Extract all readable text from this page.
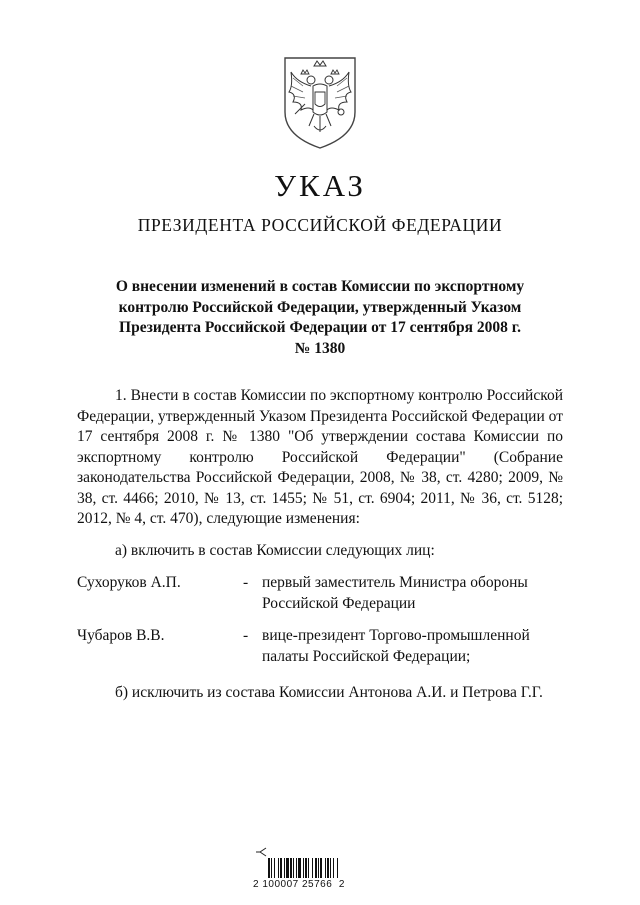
УКАЗ
ПРЕЗИДЕНТА РОССИЙСКОЙ ФЕДЕРАЦИИ
О внесении изменений в состав Комиссии по экспортному контролю Российской Федерации, утвержденный Указом Президента Российской Федерации от 17 сентября 2008 г. № 1380
1. Внести в состав Комиссии по экспортному контролю Российской Федерации, утвержденный Указом Президента Российской Федерации от 17 сентября 2008 г. № 1380 "Об утверждении состава Комиссии по экспортному контролю Российской Федерации" (Собрание законодательства Российской Федерации, 2008, № 38, ст. 4280; 2009, № 38, ст. 4466; 2010, № 13, ст. 1455; № 51, ст. 6904; 2011, № 36, ст. 5128; 2012, № 4, ст. 470), следующие изменения:
а) включить в состав Комиссии следующих лиц:
Сухоруков А.П.	- первый заместитель Министра обороны Российской Федерации
Чубаров В.В.	- вице-президент Торгово-промышленной палаты Российской Федерации;
б) исключить из состава Комиссии Антонова А.И. и Петрова Г.Г.
2 100007 25766  2
